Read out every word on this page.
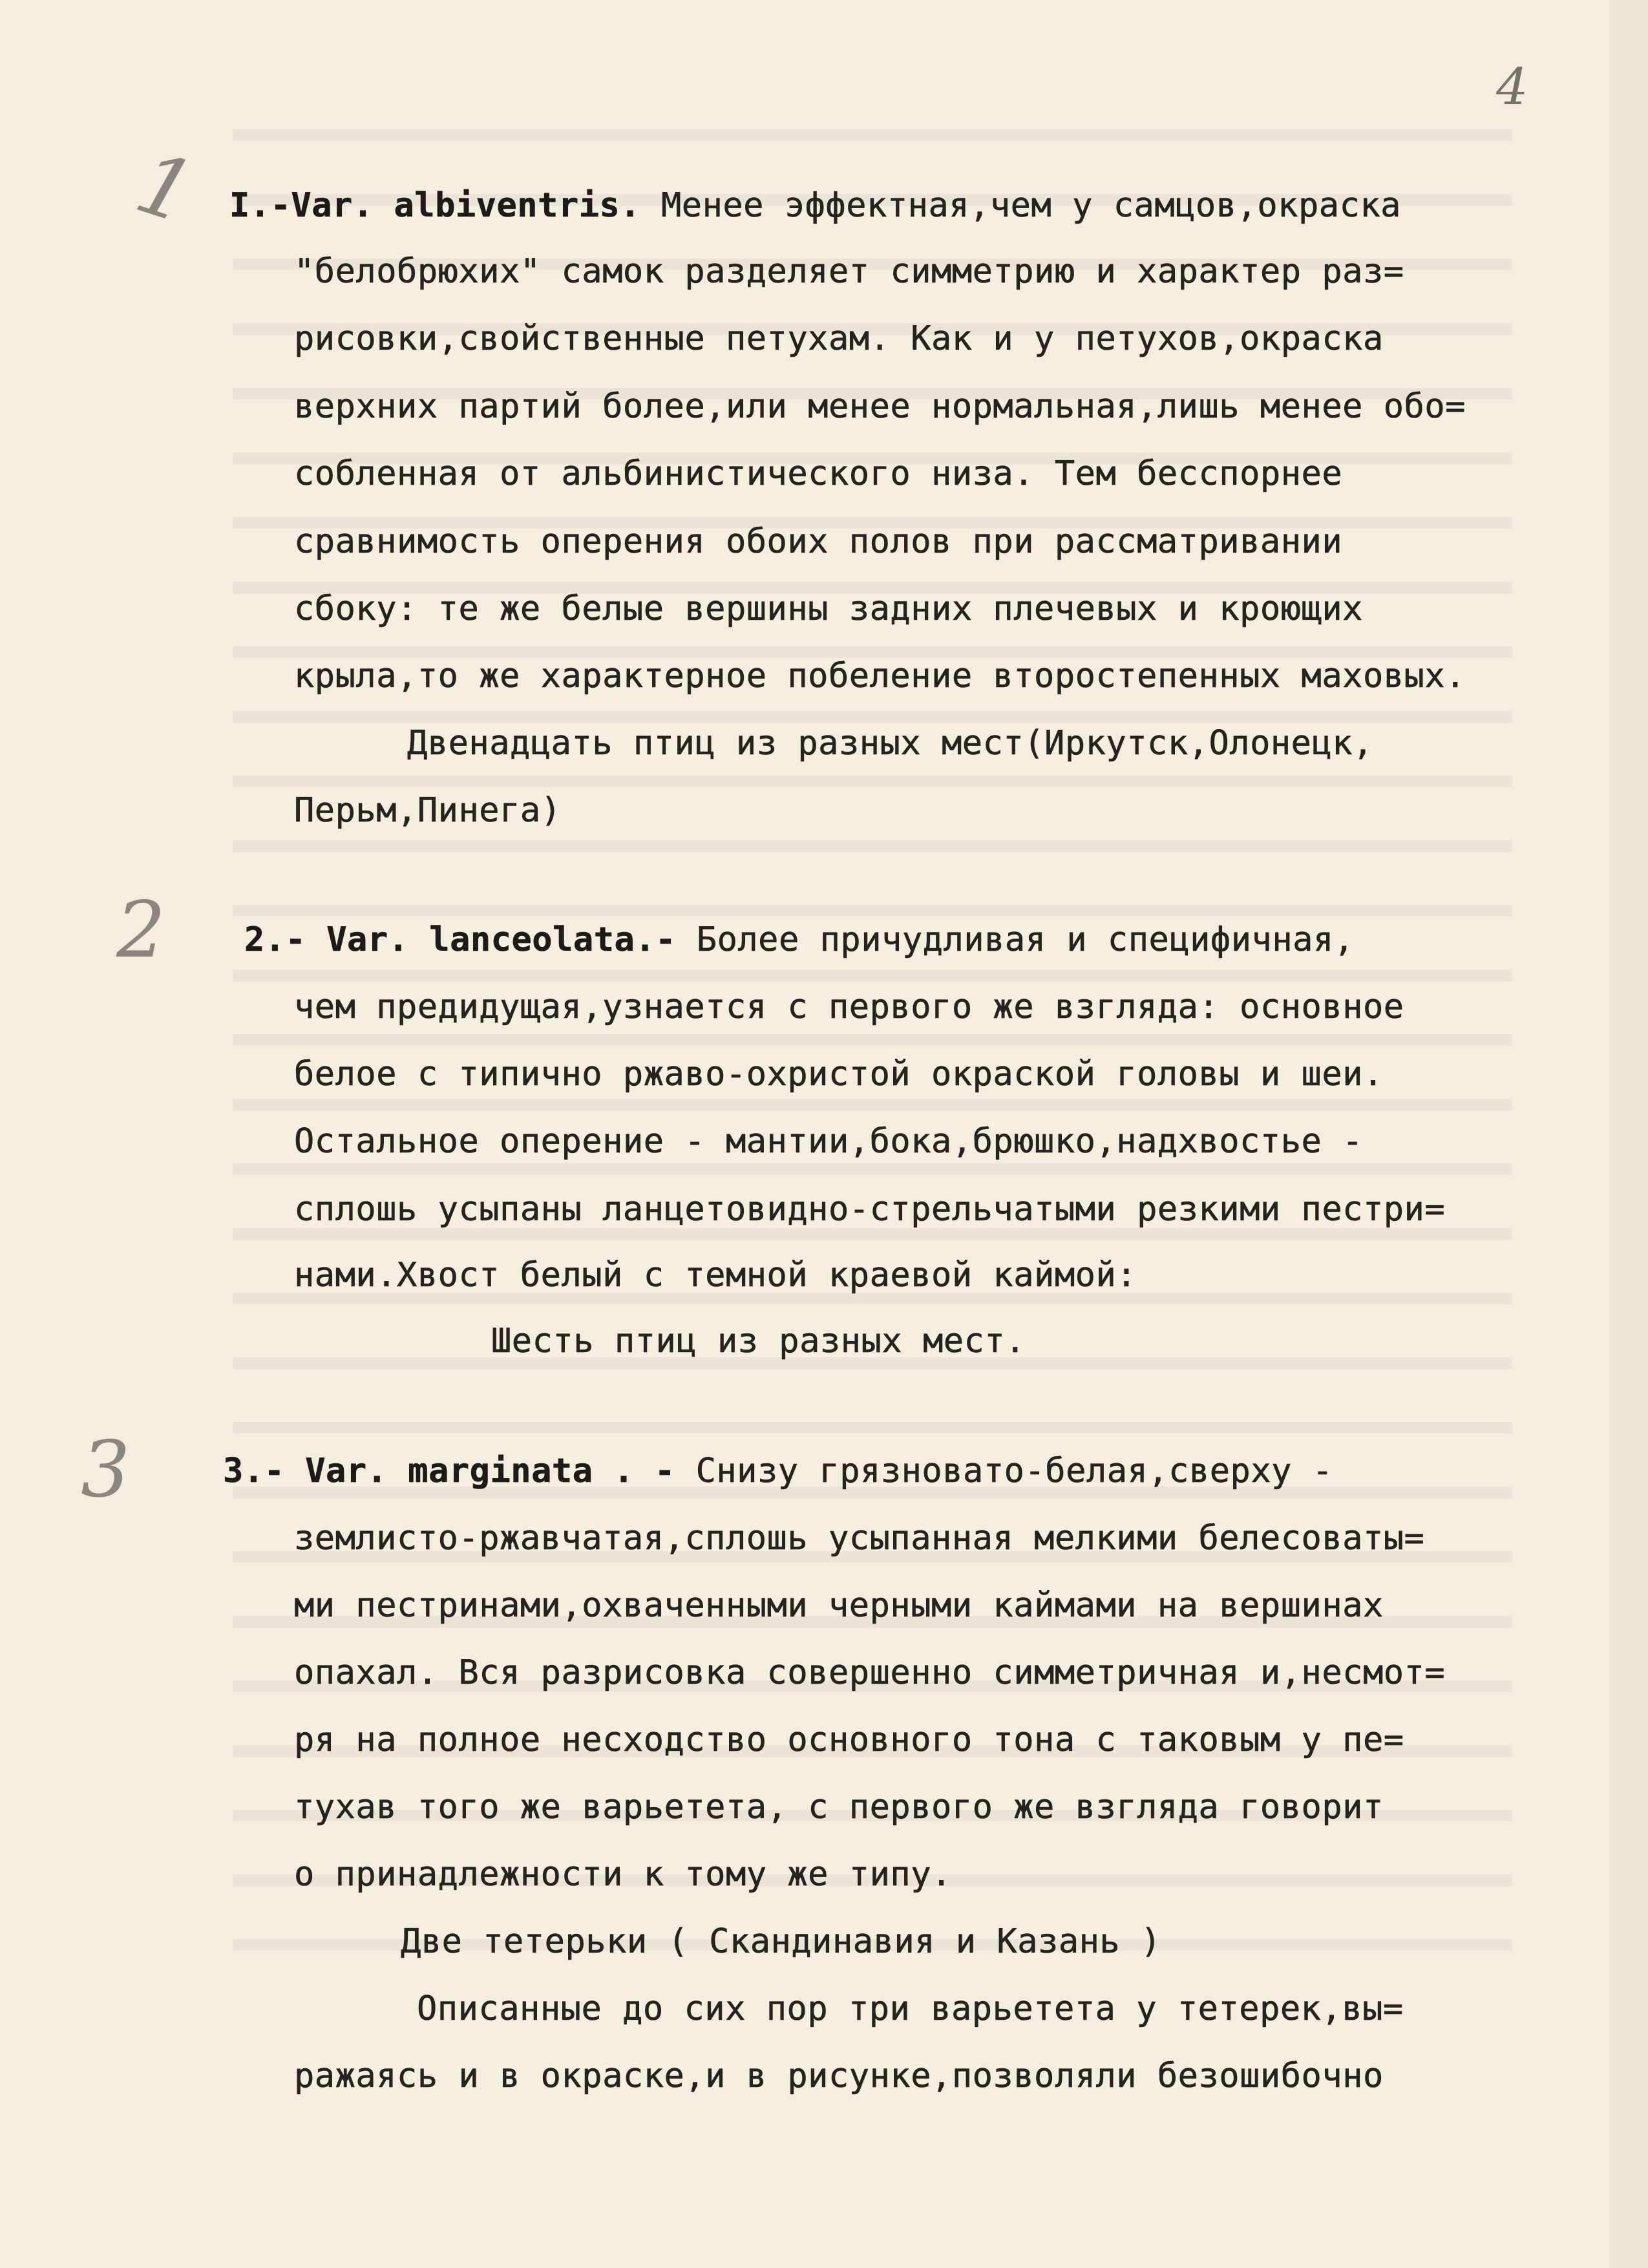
4
1
2
3
I.-Var. albiventris. Менее эффектная,чем у самцов,окраска
"белобрюхих" самок разделяет симметрию и характер раз=
рисовки,свойственные петухам. Как и у петухов,окраска
верхних партий более,или менее нормальная,лишь менее обо=
собленная от альбинистического низа. Тем бесспорнее
сравнимость оперения обоих полов при рассматривании
сбоку: те же белые вершины задних плечевых и кроющих
крыла,то же характерное побеление второстепенных маховых.
Двенадцать птиц из разных мест(Иркутск,Олонецк,
Перьм,Пинега)
2.- Var. lanceolata.- Более причудливая и специфичная,
чем предидущая,узнается с первого же взгляда: основное
белое с типично ржаво-охристой окраской головы и шеи.
Остальное оперение - мантии,бока,брюшко,надхвостье -
сплошь усыпаны ланцетовидно-стрельчатыми резкими пестри=
нами.Хвост белый с темной краевой каймой:
Шесть птиц из разных мест.
3.- Var. marginata . - Снизу грязновато-белая,сверху -
землисто-ржавчатая,сплошь усыпанная мелкими белесоваты=
ми пестринами,охваченными черными каймами на вершинах
опахал. Вся разрисовка совершенно симметричная и,несмот=
ря на полное несходство основного тона с таковым у пе=
тухав того же варьетета, с первого же взгляда говорит
о принадлежности к тому же типу.
Две тетерьки ( Скандинавия и Казань )
Описанные до сих пор три варьетета у тетерек,вы=
ражаясь и в окраске,и в рисунке,позволяли безошибочно
